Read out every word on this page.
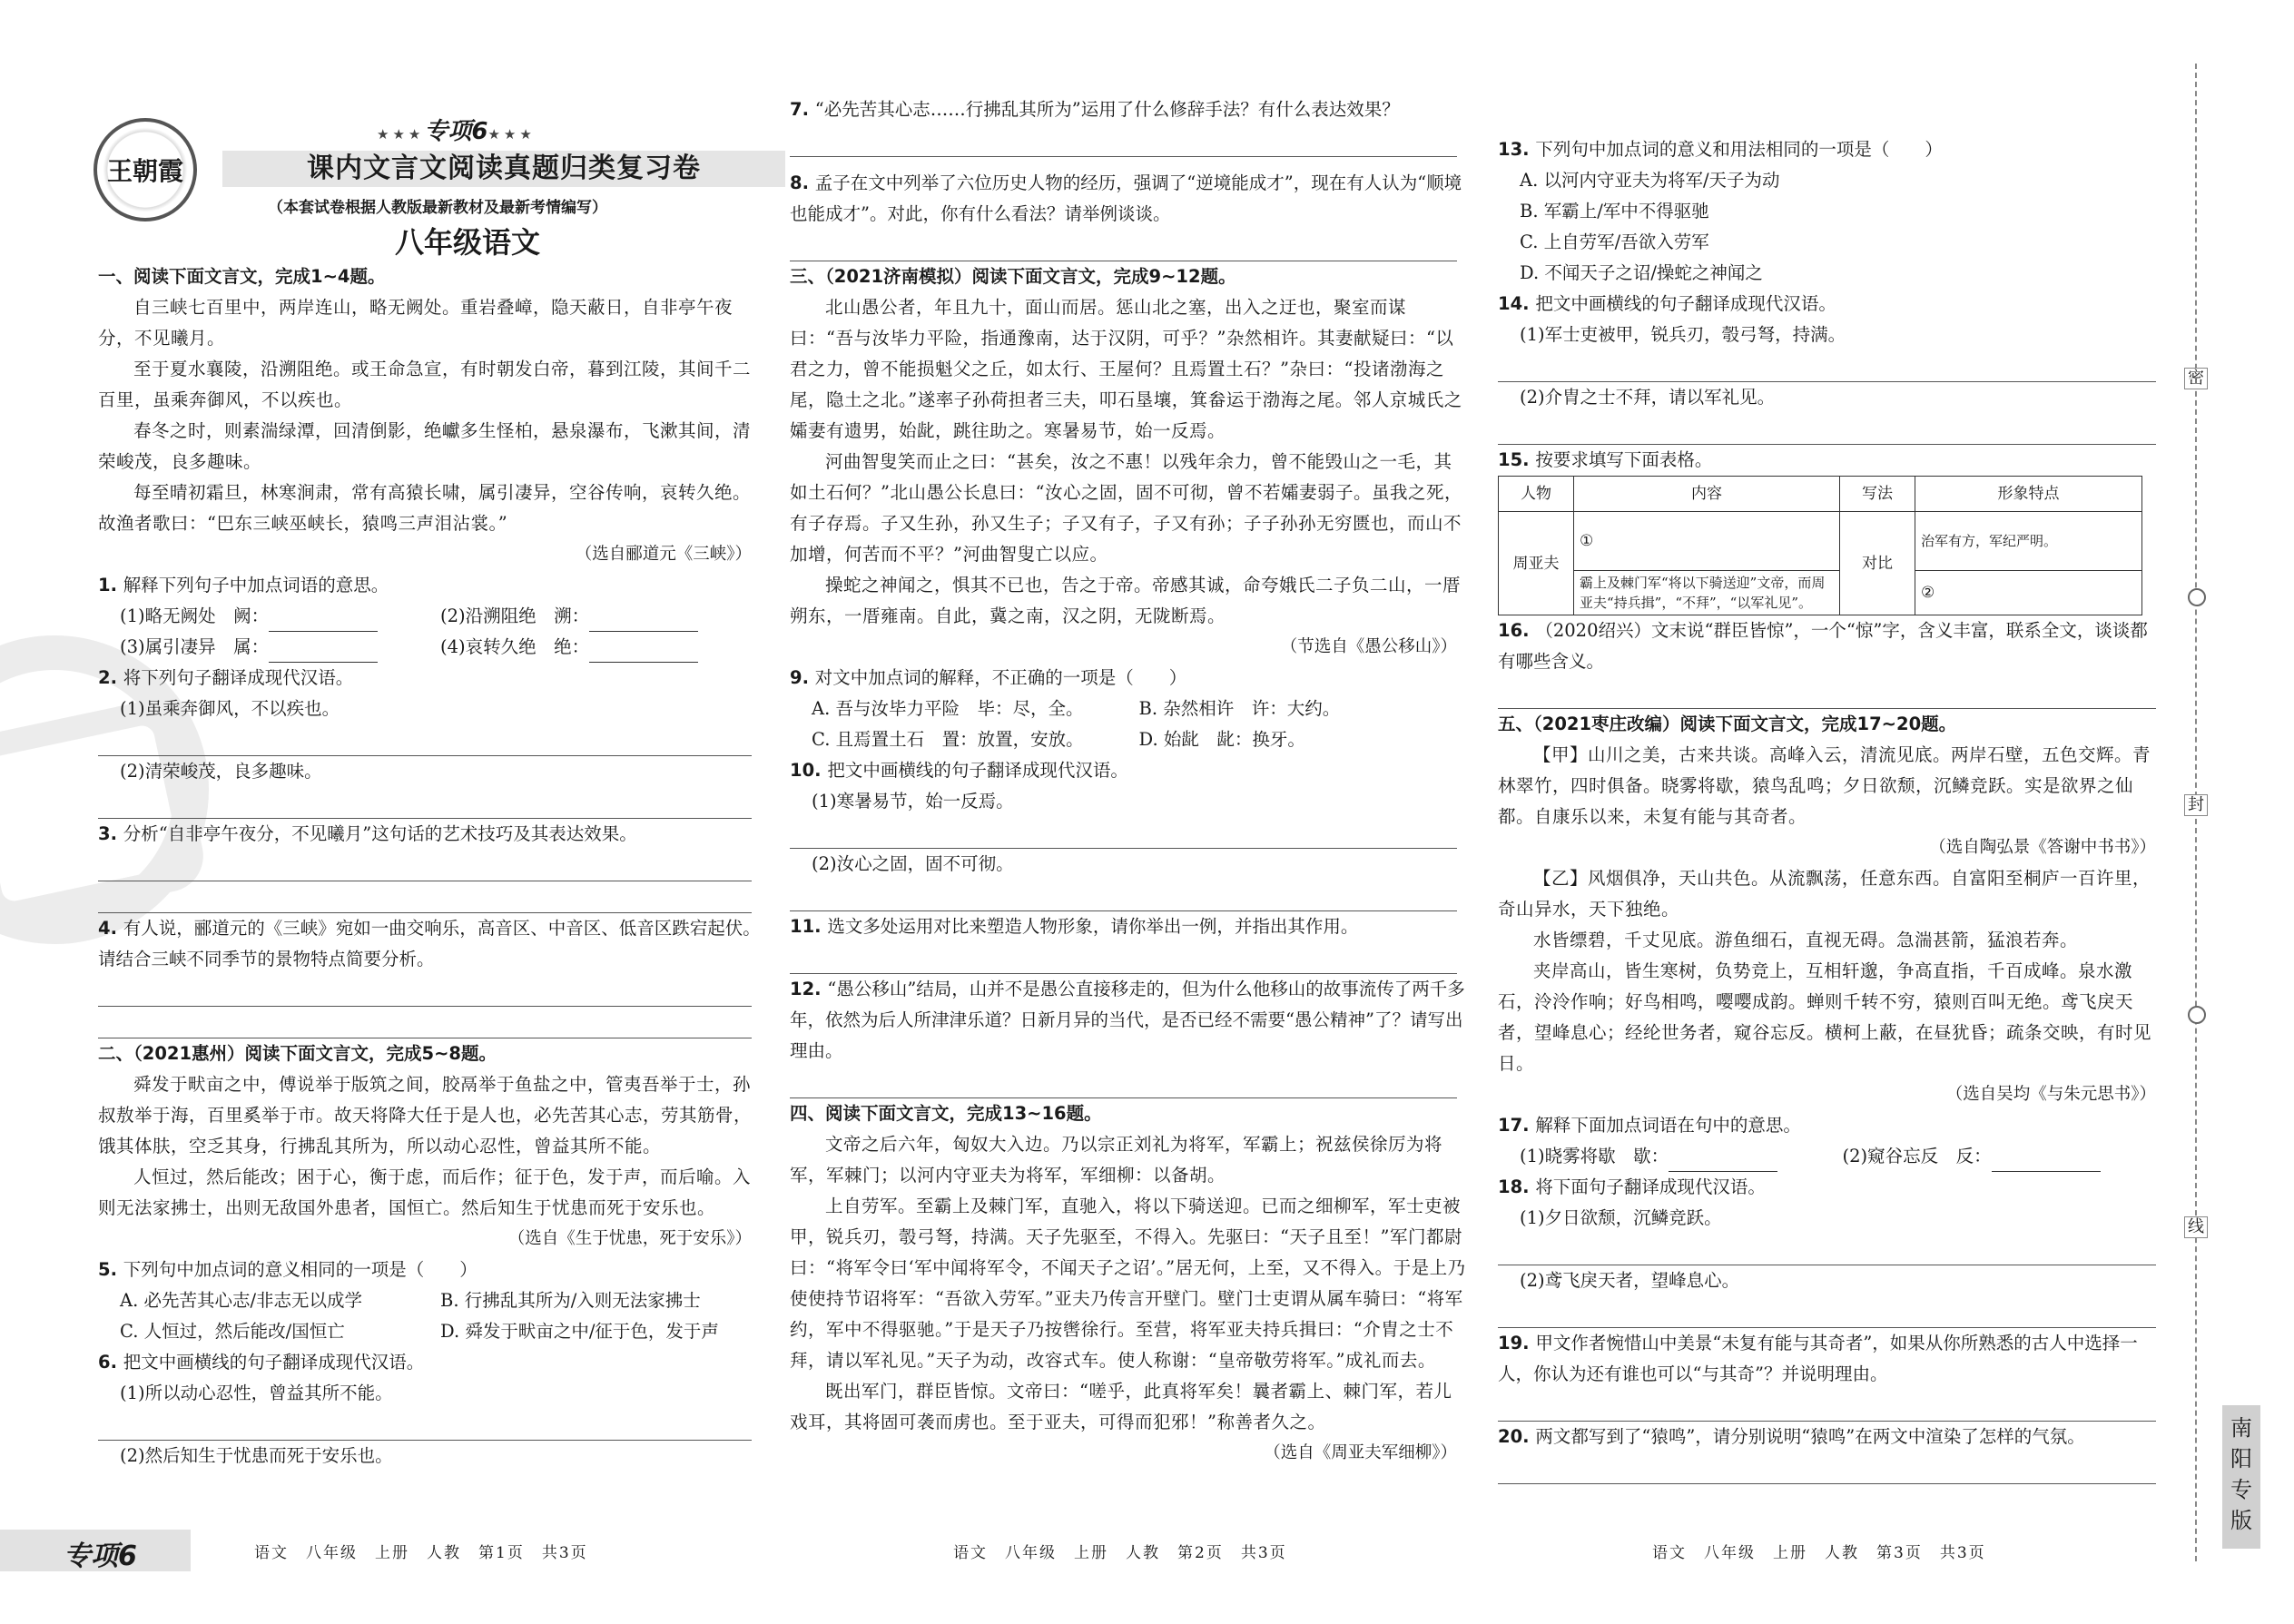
王朝霞
★★★专项6★★★
课内文言文阅读真题归类复习卷
（本套试卷根据人教版最新教材及最新考情编写）
八年级语文

一、阅读下面文言文，完成1~4题。

自三峡七百里中，两岸连山，略无阙处。重岩叠嶂，隐天蔽日，自非亭午夜分，不见曦月。

至于夏水襄陵，沿溯阻绝。或王命急宣，有时朝发白帝，暮到江陵，其间千二百里，虽乘奔御风，不以疾也。

春冬之时，则素湍绿潭，回清倒影，绝巘多生怪柏，悬泉瀑布，飞漱其间，清荣峻茂，良多趣味。

每至晴初霜旦，林寒涧肃，常有高猿长啸，属引凄异，空谷传响，哀转久绝。故渔者歌曰：“巴东三峡巫峡长，猿鸣三声泪沾裳。”

（选自郦道元《三峡》）

1. 解释下列句子中加点词语的意思。

(1)略无阙处　阙：	(2)沿溯阻绝　溯：
(3)属引凄异　属：	(4)哀转久绝　绝：

2. 将下列句子翻译成现代汉语。

(1)虽乘奔御风，不以疾也。

(2)清荣峻茂，良多趣味。

3. 分析“自非亭午夜分，不见曦月”这句话的艺术技巧及其表达效果。

4. 有人说，郦道元的《三峡》宛如一曲交响乐，高音区、中音区、低音区跌宕起伏。请结合三峡不同季节的景物特点简要分析。

二、（2021惠州）阅读下面文言文，完成5~8题。

舜发于畎亩之中，傅说举于版筑之间，胶鬲举于鱼盐之中，管夷吾举于士，孙叔敖举于海，百里奚举于市。故天将降大任于是人也，必先苦其心志，劳其筋骨，饿其体肤，空乏其身，行拂乱其所为，所以动心忍性，曾益其所不能。

人恒过，然后能改；困于心，衡于虑，而后作；征于色，发于声，而后喻。入则无法家拂士，出则无敌国外患者，国恒亡。然后知生于忧患而死于安乐也。

（选自《生于忧患，死于安乐》）

5. 下列句中加点词的意义相同的一项是（　　）

A. 必先苦其心志/非志无以成学	B. 行拂乱其所为/入则无法家拂士
C. 人恒过，然后能改/国恒亡	D. 舜发于畎亩之中/征于色，发于声

6. 把文中画横线的句子翻译成现代汉语。

(1)所以动心忍性，曾益其所不能。

(2)然后知生于忧患而死于安乐也。

7. “必先苦其心志……行拂乱其所为”运用了什么修辞手法？有什么表达效果？

8. 孟子在文中列举了六位历史人物的经历，强调了“逆境能成才”，现在有人认为“顺境也能成才”。对此，你有什么看法？请举例谈谈。

三、（2021济南模拟）阅读下面文言文，完成9~12题。

北山愚公者，年且九十，面山而居。惩山北之塞，出入之迂也，聚室而谋曰：“吾与汝毕力平险，指通豫南，达于汉阴，可乎？”杂然相许。其妻献疑曰：“以君之力，曾不能损魁父之丘，如太行、王屋何？且焉置土石？”杂曰：“投诸渤海之尾，隐土之北。”遂率子孙荷担者三夫，叩石垦壤，箕畚运于渤海之尾。邻人京城氏之孀妻有遗男，始龀，跳往助之。寒暑易节，始一反焉。

河曲智叟笑而止之曰：“甚矣，汝之不惠！以残年余力，曾不能毁山之一毛，其如土石何？”北山愚公长息曰：“汝心之固，固不可彻，曾不若孀妻弱子。虽我之死，有子存焉。子又生孙，孙又生子；子又有子，子又有孙；子子孙孙无穷匮也，而山不加增，何苦而不平？”河曲智叟亡以应。

操蛇之神闻之，惧其不已也，告之于帝。帝感其诚，命夸娥氏二子负二山，一厝朔东，一厝雍南。自此，冀之南，汉之阴，无陇断焉。

（节选自《愚公移山》）

9. 对文中加点词的解释，不正确的一项是（　　）

A. 吾与汝毕力平险　毕：尽，全。	B. 杂然相许　许：大约。
C. 且焉置土石　置：放置，安放。	D. 始龀　龀：换牙。

10. 把文中画横线的句子翻译成现代汉语。

(1)寒暑易节，始一反焉。

(2)汝心之固，固不可彻。

11. 选文多处运用对比来塑造人物形象，请你举出一例，并指出其作用。

12. “愚公移山”结局，山并不是愚公直接移走的，但为什么他移山的故事流传了两千多年，依然为后人所津津乐道？日新月异的当代，是否已经不需要“愚公精神”了？请写出理由。

四、阅读下面文言文，完成13~16题。

文帝之后六年，匈奴大入边。乃以宗正刘礼为将军，军霸上；祝兹侯徐厉为将军，军棘门；以河内守亚夫为将军，军细柳：以备胡。

上自劳军。至霸上及棘门军，直驰入，将以下骑送迎。已而之细柳军，军士吏被甲，锐兵刃，彀弓弩，持满。天子先驱至，不得入。先驱曰：“天子且至！”军门都尉曰：“将军令曰‘军中闻将军令，不闻天子之诏’。”居无何，上至，又不得入。于是上乃使使持节诏将军：“吾欲入劳军。”亚夫乃传言开壁门。壁门士吏谓从属车骑曰：“将军约，军中不得驱驰。”于是天子乃按辔徐行。至营，将军亚夫持兵揖曰：“介胄之士不拜，请以军礼见。”天子为动，改容式车。使人称谢：“皇帝敬劳将军。”成礼而去。

既出军门，群臣皆惊。文帝曰：“嗟乎，此真将军矣！曩者霸上、棘门军，若儿戏耳，其将固可袭而虏也。至于亚夫，可得而犯邪！”称善者久之。

（选自《周亚夫军细柳》）

13. 下列句中加点词的意义和用法相同的一项是（　　）

A. 以河内守亚夫为将军/天子为动

B. 军霸上/军中不得驱驰

C. 上自劳军/吾欲入劳军

D. 不闻天子之诏/操蛇之神闻之

14. 把文中画横线的句子翻译成现代汉语。

(1)军士吏被甲，锐兵刃，彀弓弩，持满。

(2)介胄之士不拜，请以军礼见。

15. 按要求填写下面表格。

人物	内容	写法	形象特点
周亚夫	①	对比	治军有方，军纪严明。
	霸上及棘门军“将以下骑送迎”文帝，而周亚夫“持兵揖”，“不拜”，“以军礼见”。		②

16. （2020绍兴）文末说“群臣皆惊”，一个“惊”字，含义丰富，联系全文，谈谈都有哪些含义。

五、（2021枣庄改编）阅读下面文言文，完成17~20题。

【甲】山川之美，古来共谈。高峰入云，清流见底。两岸石壁，五色交辉。青林翠竹，四时俱备。晓雾将歇，猿鸟乱鸣；夕日欲颓，沉鳞竞跃。实是欲界之仙都。自康乐以来，未复有能与其奇者。

（选自陶弘景《答谢中书书》）

【乙】风烟俱净，天山共色。从流飘荡，任意东西。自富阳至桐庐一百许里，奇山异水，天下独绝。

水皆缥碧，千丈见底。游鱼细石，直视无碍。急湍甚箭，猛浪若奔。

夹岸高山，皆生寒树，负势竞上，互相轩邈，争高直指，千百成峰。泉水激石，泠泠作响；好鸟相鸣，嘤嘤成韵。蝉则千转不穷，猿则百叫无绝。鸢飞戾天者，望峰息心；经纶世务者，窥谷忘反。横柯上蔽，在昼犹昏；疏条交映，有时见日。

（选自吴均《与朱元思书》）

17. 解释下面加点词语在句中的意思。

(1)晓雾将歇　歇：	(2)窥谷忘反　反：

18. 将下面句子翻译成现代汉语。

(1)夕日欲颓，沉鳞竞跃。

(2)鸢飞戾天者，望峰息心。

19. 甲文作者惋惜山中美景“未复有能与其奇者”，如果从你所熟悉的古人中选择一人，你认为还有谁也可以“与其奇”？并说明理由。

20. 两文都写到了“猿鸣”，请分别说明“猿鸣”在两文中渲染了怎样的气氛。

专项6	语文　八年级　上册　人教　第1页　共3页	语文　八年级　上册　人教　第2页　共3页	语文　八年级　上册　人教　第3页　共3页
密
封
线
南阳专版
